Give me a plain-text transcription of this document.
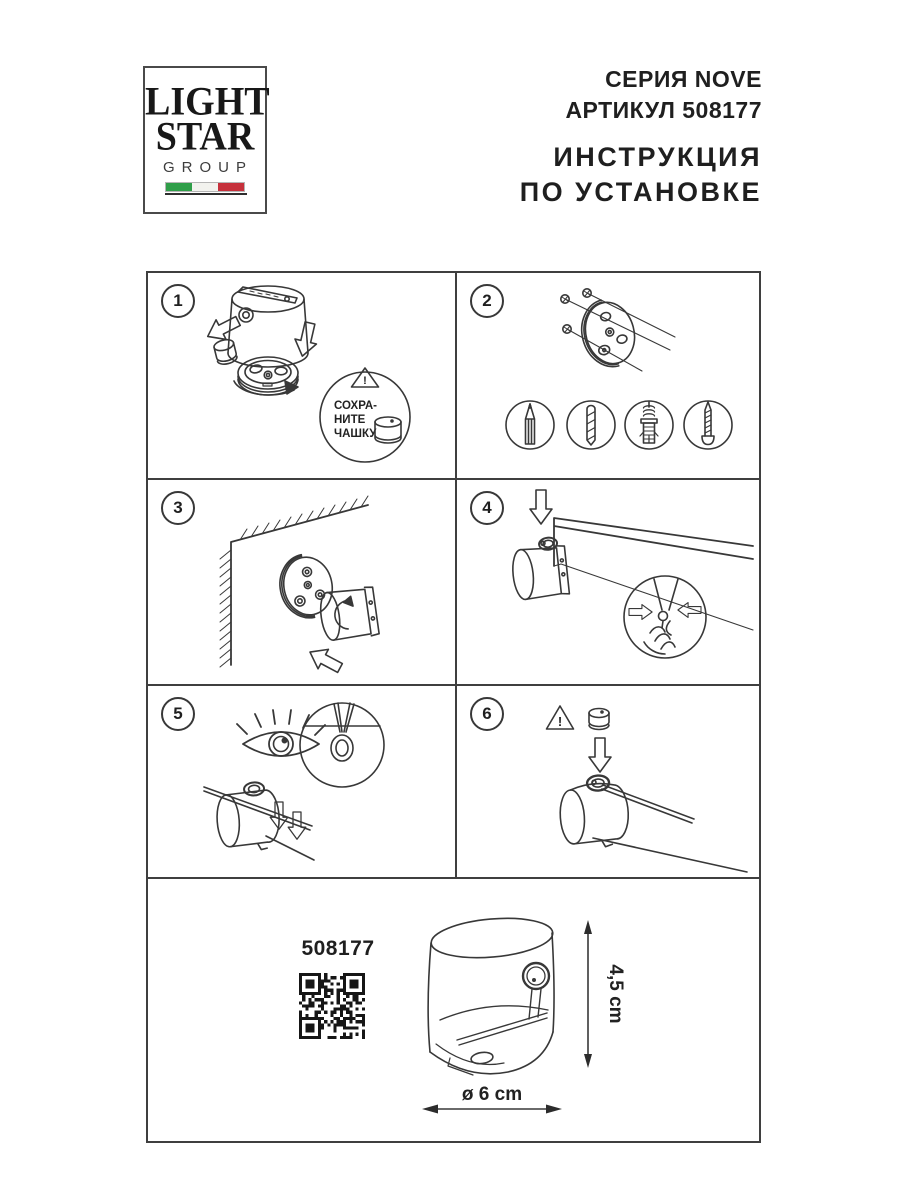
LIGHT
STAR
GROUP
СЕРИЯ NOVE
АРТИКУЛ 508177
ИНСТРУКЦИЯ
ПО УСТАНОВКЕ
1
!
СОХРА-
НИТЕ
ЧАШКУ
2
3	4
5	6	!
508177
4,5 cm
ø 6 cm
